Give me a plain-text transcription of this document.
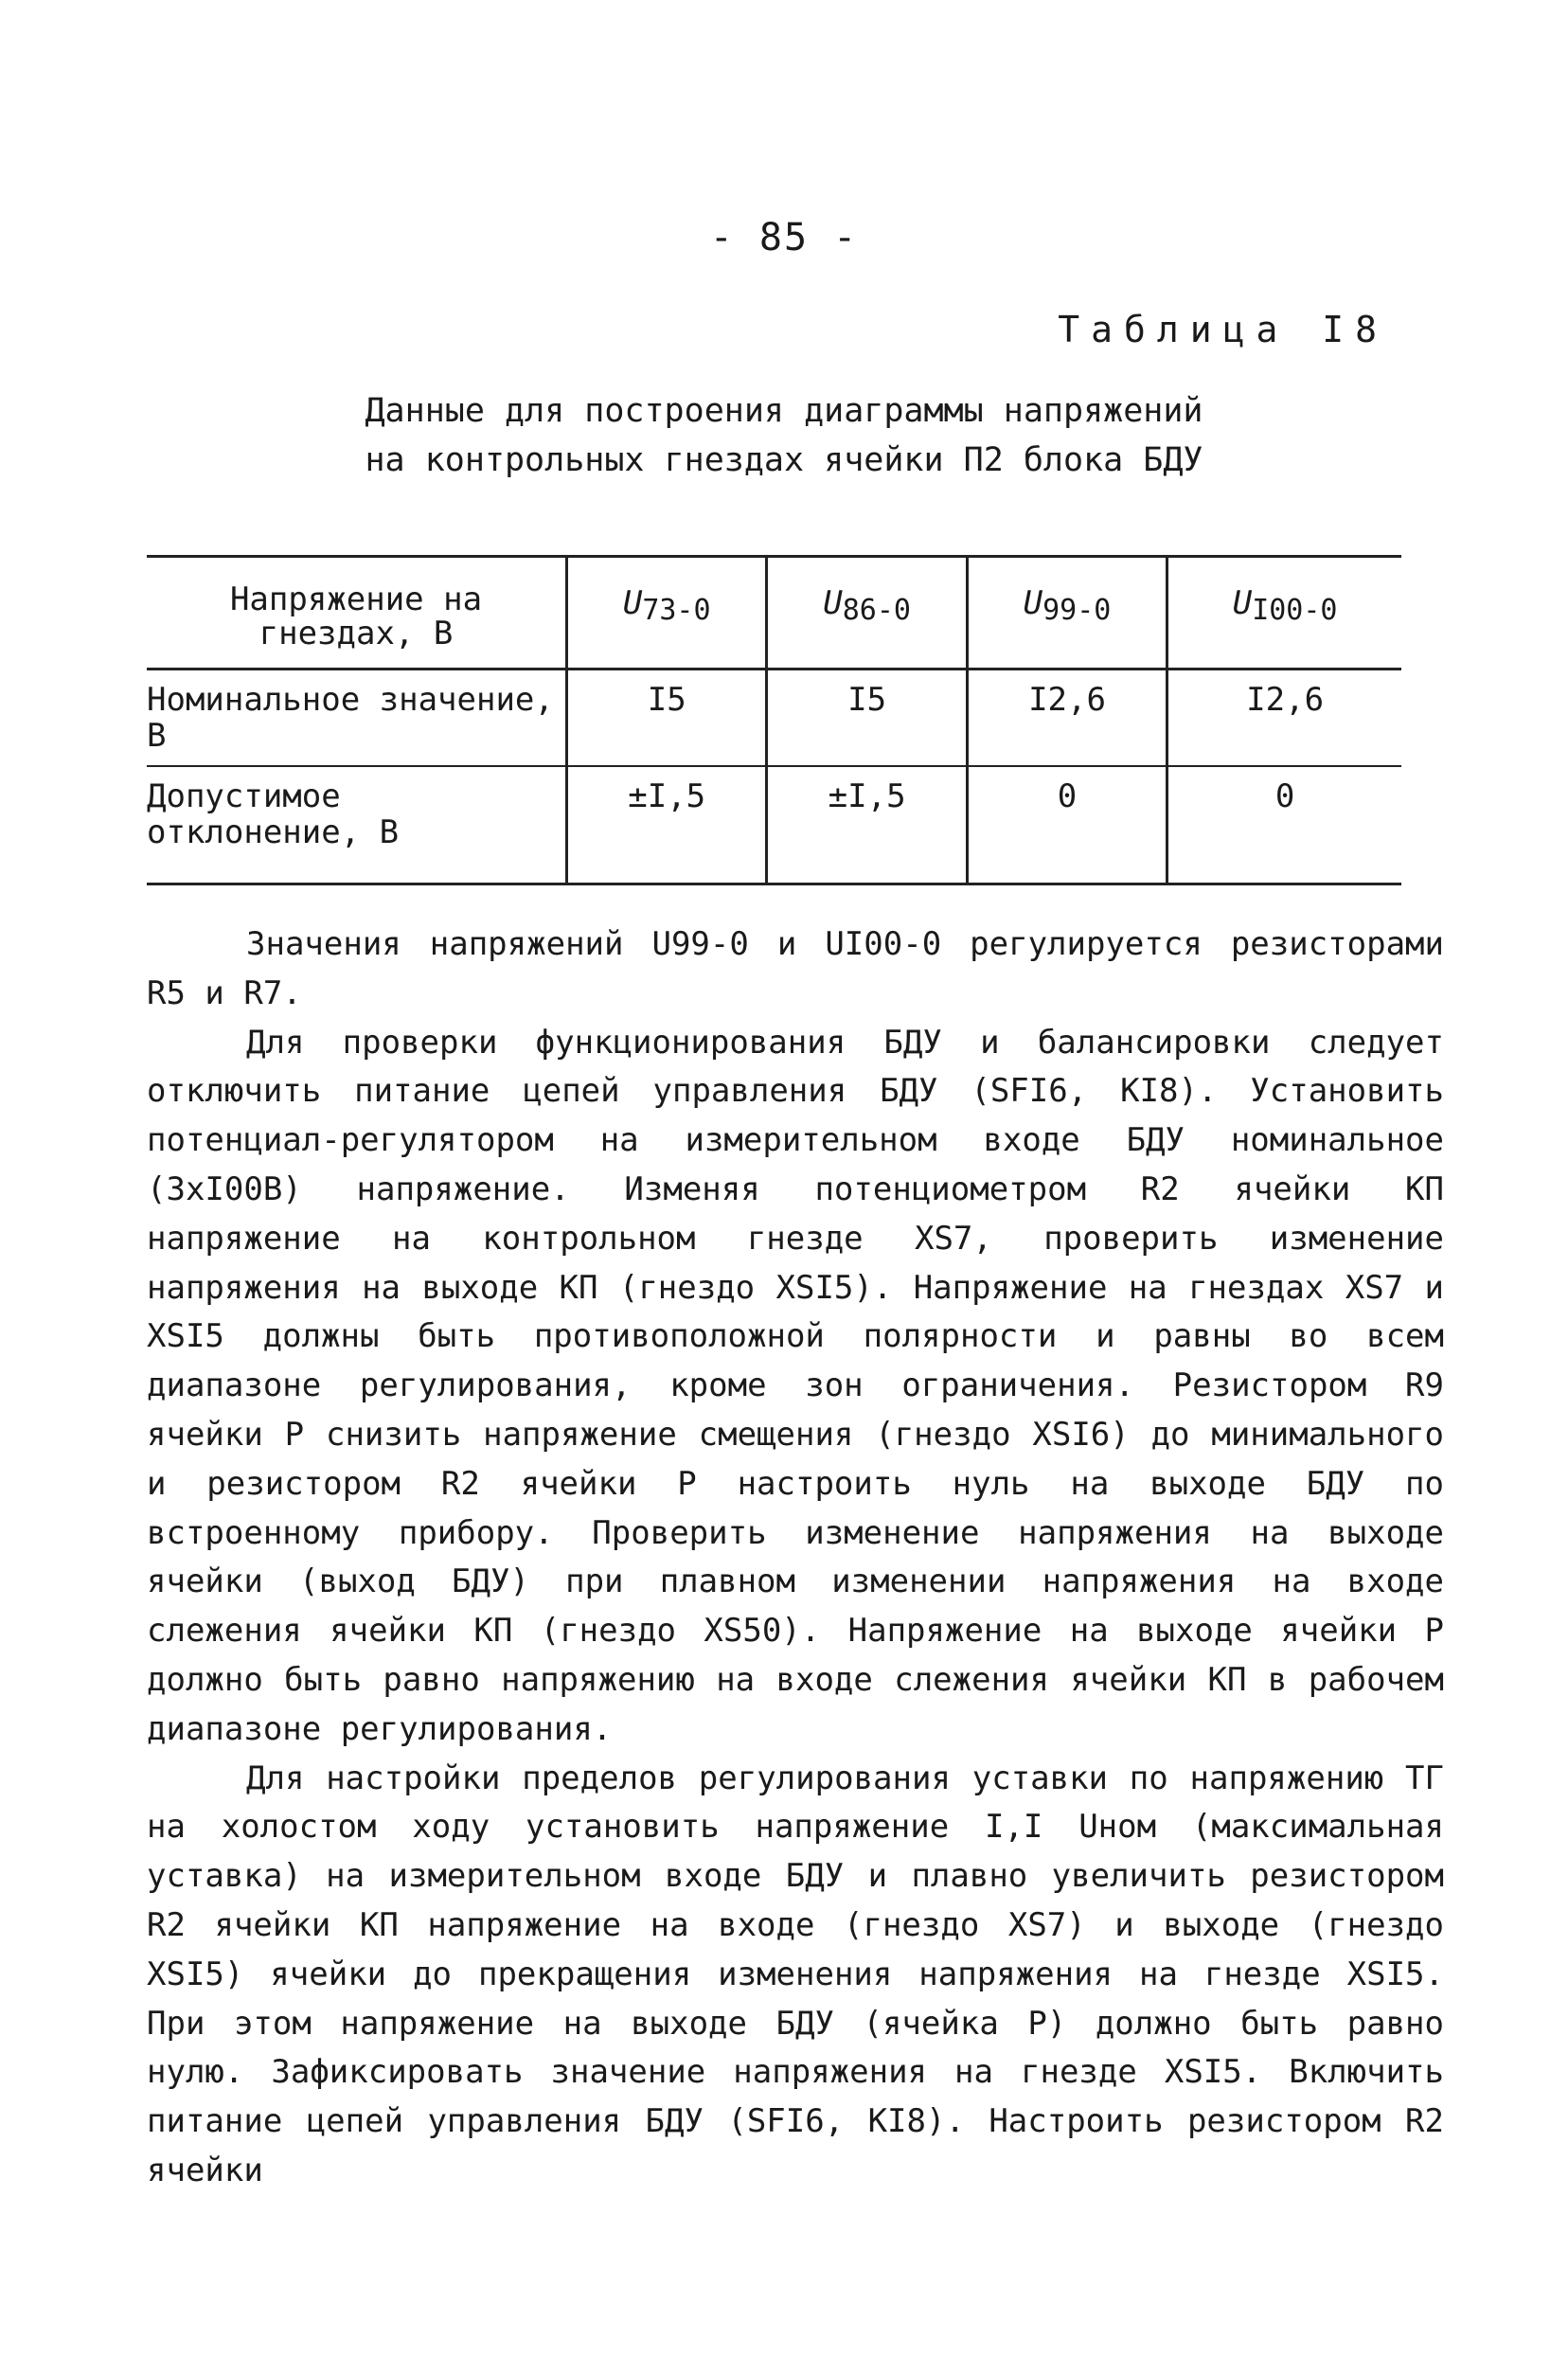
- 85 -
Таблица I8
Данные для построения диаграммы напряжений
на контрольных гнездах ячейки П2 блока БДУ
Напряжение на гнездах, В	U73-0	U86-0	U99-0	UI00-0
Номинальное значение, В	I5	I5	I2,6	I2,6
Допустимое отклонение, В	±I,5	±I,5	0	0

Значения напряжений U99-0 и UI00-0 регулируется резисторами R5 и R7.

Для проверки функционирования БДУ и балансировки следует отключить питание цепей управления БДУ (SFI6, KI8). Установить потенциал-регулятором на измерительном входе БДУ номинальное (3хI00В) напряжение. Изменяя потенциометром R2 ячейки КП напряжение на контрольном гнезде XS7, проверить изменение напряжения на выходе КП (гнездо XSI5). Напряжение на гнездах XS7 и XSI5 должны быть противоположной полярности и равны во всем диапазоне регулирования, кроме зон ограничения. Резистором R9 ячейки Р снизить напряжение смещения (гнездо XSI6) до минимального и резистором R2 ячейки Р настроить нуль на выходе БДУ по встроенному прибору. Проверить изменение напряжения на выходе ячейки (выход БДУ) при плавном изменении напряжения на входе слежения ячейки КП (гнездо XS50). Напряжение на выходе ячейки Р должно быть равно напряжению на входе слежения ячейки КП в рабочем диапазоне регулирования.

Для настройки пределов регулирования уставки по напряжению ТГ на холостом ходу установить напряжение I,I Uном (максимальная уставка) на измерительном входе БДУ и плавно увеличить резистором R2 ячейки КП напряжение на входе (гнездо XS7) и выходе (гнездо XSI5) ячейки до прекращения изменения напряжения на гнезде XSI5. При этом напряжение на выходе БДУ (ячейка Р) должно быть равно нулю. Зафиксировать значение напряжения на гнезде XSI5. Включить питание цепей управления БДУ (SFI6, KI8). Настроить резистором R2 ячейки
